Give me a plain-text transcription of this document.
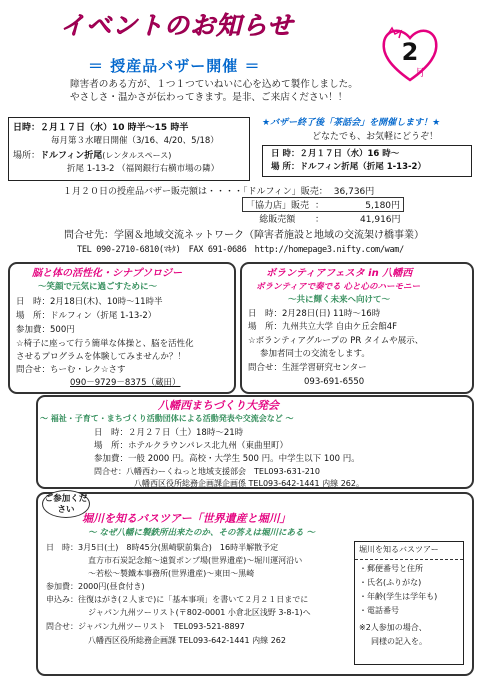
イベントのお知らせ
2
月
＝ 授産品バザー開催 ＝
障害者のある方が、１つ１つていねいに心を込めて製作しました。
やさしさ・温かさが伝わってきます。是非、ご来店ください！！
日時：２月１７日（水）10 時半～15 時半
毎月第３水曜日開催（3/16、4/20、5/18）
場所：ドルフィン折尾(レンタルスペース)
折尾 1-13-2 （福岡銀行右横市場の隣）
★バザー終了後「茶話会」を開催します！★
どなたでも、お気軽にどうぞ！
日 時：２月１７日（水）16 時～
場 所：ドルフィン折尾（折尾 1-13-2）
１月２０日の授産品バザー販売額は・・・・「ドルフィン」販売：	36,736円
「協力店」販売	：	5,180円
総販売額	：	41,916円
問合せ先：学園＆地域交流ネットワーク（障害者施設と地域の交流架け橋事業）
TEL 090-2710-6810(ﾏｷﾀ)　FAX 691-0686　http://homepage3.nifty.com/wam/
脳と体の活性化・シナプソロジー
～笑顔で元気に過ごすために～
日　時：2月18日(木)、10時～11時半
場　所：ドルフィン（折尾 1-13-2）
参加費：500円
☆椅子に座って行う簡単な体操と、脳を活性化
させるプログラムを体験してみませんか？！
問合せ：ちーむ・レク☆さす
090－9729－8375（蔵田）
ボランティアフェスタ in 八幡西
ボランティアで奏でる 心と心のハーモニー
～共に輝く未来へ向けて～
日　時：2月28日(日) 11時～16時
場　所：九州共立大学 自由ケ丘会館4F
☆ボランティアグループの PR タイムや展示、
参加者同士の交流をします。
問合せ：生涯学習研究センター
093-691-6550
八幡西まちづくり大発会
～ 福祉・子育て・まちづくり活動団体による活動発表や交流会など ～
日　時：２月２７日（土）18時～21時
場　所：ホテルクラウンパレス北九州（東曲里町）
参加費：一般 2000 円。高校・大学生 500 円。中学生以下 100 円。
問合せ：八幡西わーくねっと地域支援部会　TEL093-631-210
八幡西区役所総務企画課企画係 TEL093-642-1441 内線 262。
堀川を知るバスツアー「世界遺産と堀川」
～ なぜ八幡に製鉄所出来たのか、その答えは堀川にある ～
日　時：3月5日(土)　8時45分(黒崎駅前集合)　16時半解散予定
直方市石炭記念館～遠賀ポンプ場(世界遺産)～堀川運河沿い
～若松～製鐵本事務所(世界遺産)～東田～黒崎
参加費：2000円(昼食付き)
申込み：往復はがき(２人まで)に「基本事項」を書いて２月２１日までに
ジャパン九州ツーリスト(〒802-0001 小倉北区浅野 3-8-1)へ
問合せ：ジャパン九州ツーリスト　TEL093-521-8897
八幡西区役所総務企画課 TEL093-642-1441 内線 262
堀川を知るバスツアー
・郵便番号と住所
・氏名(ふりがな)
・年齢(学生は学年も)
・電話番号
※2人参加の場合、
同様の記入を。
ご参加ください
